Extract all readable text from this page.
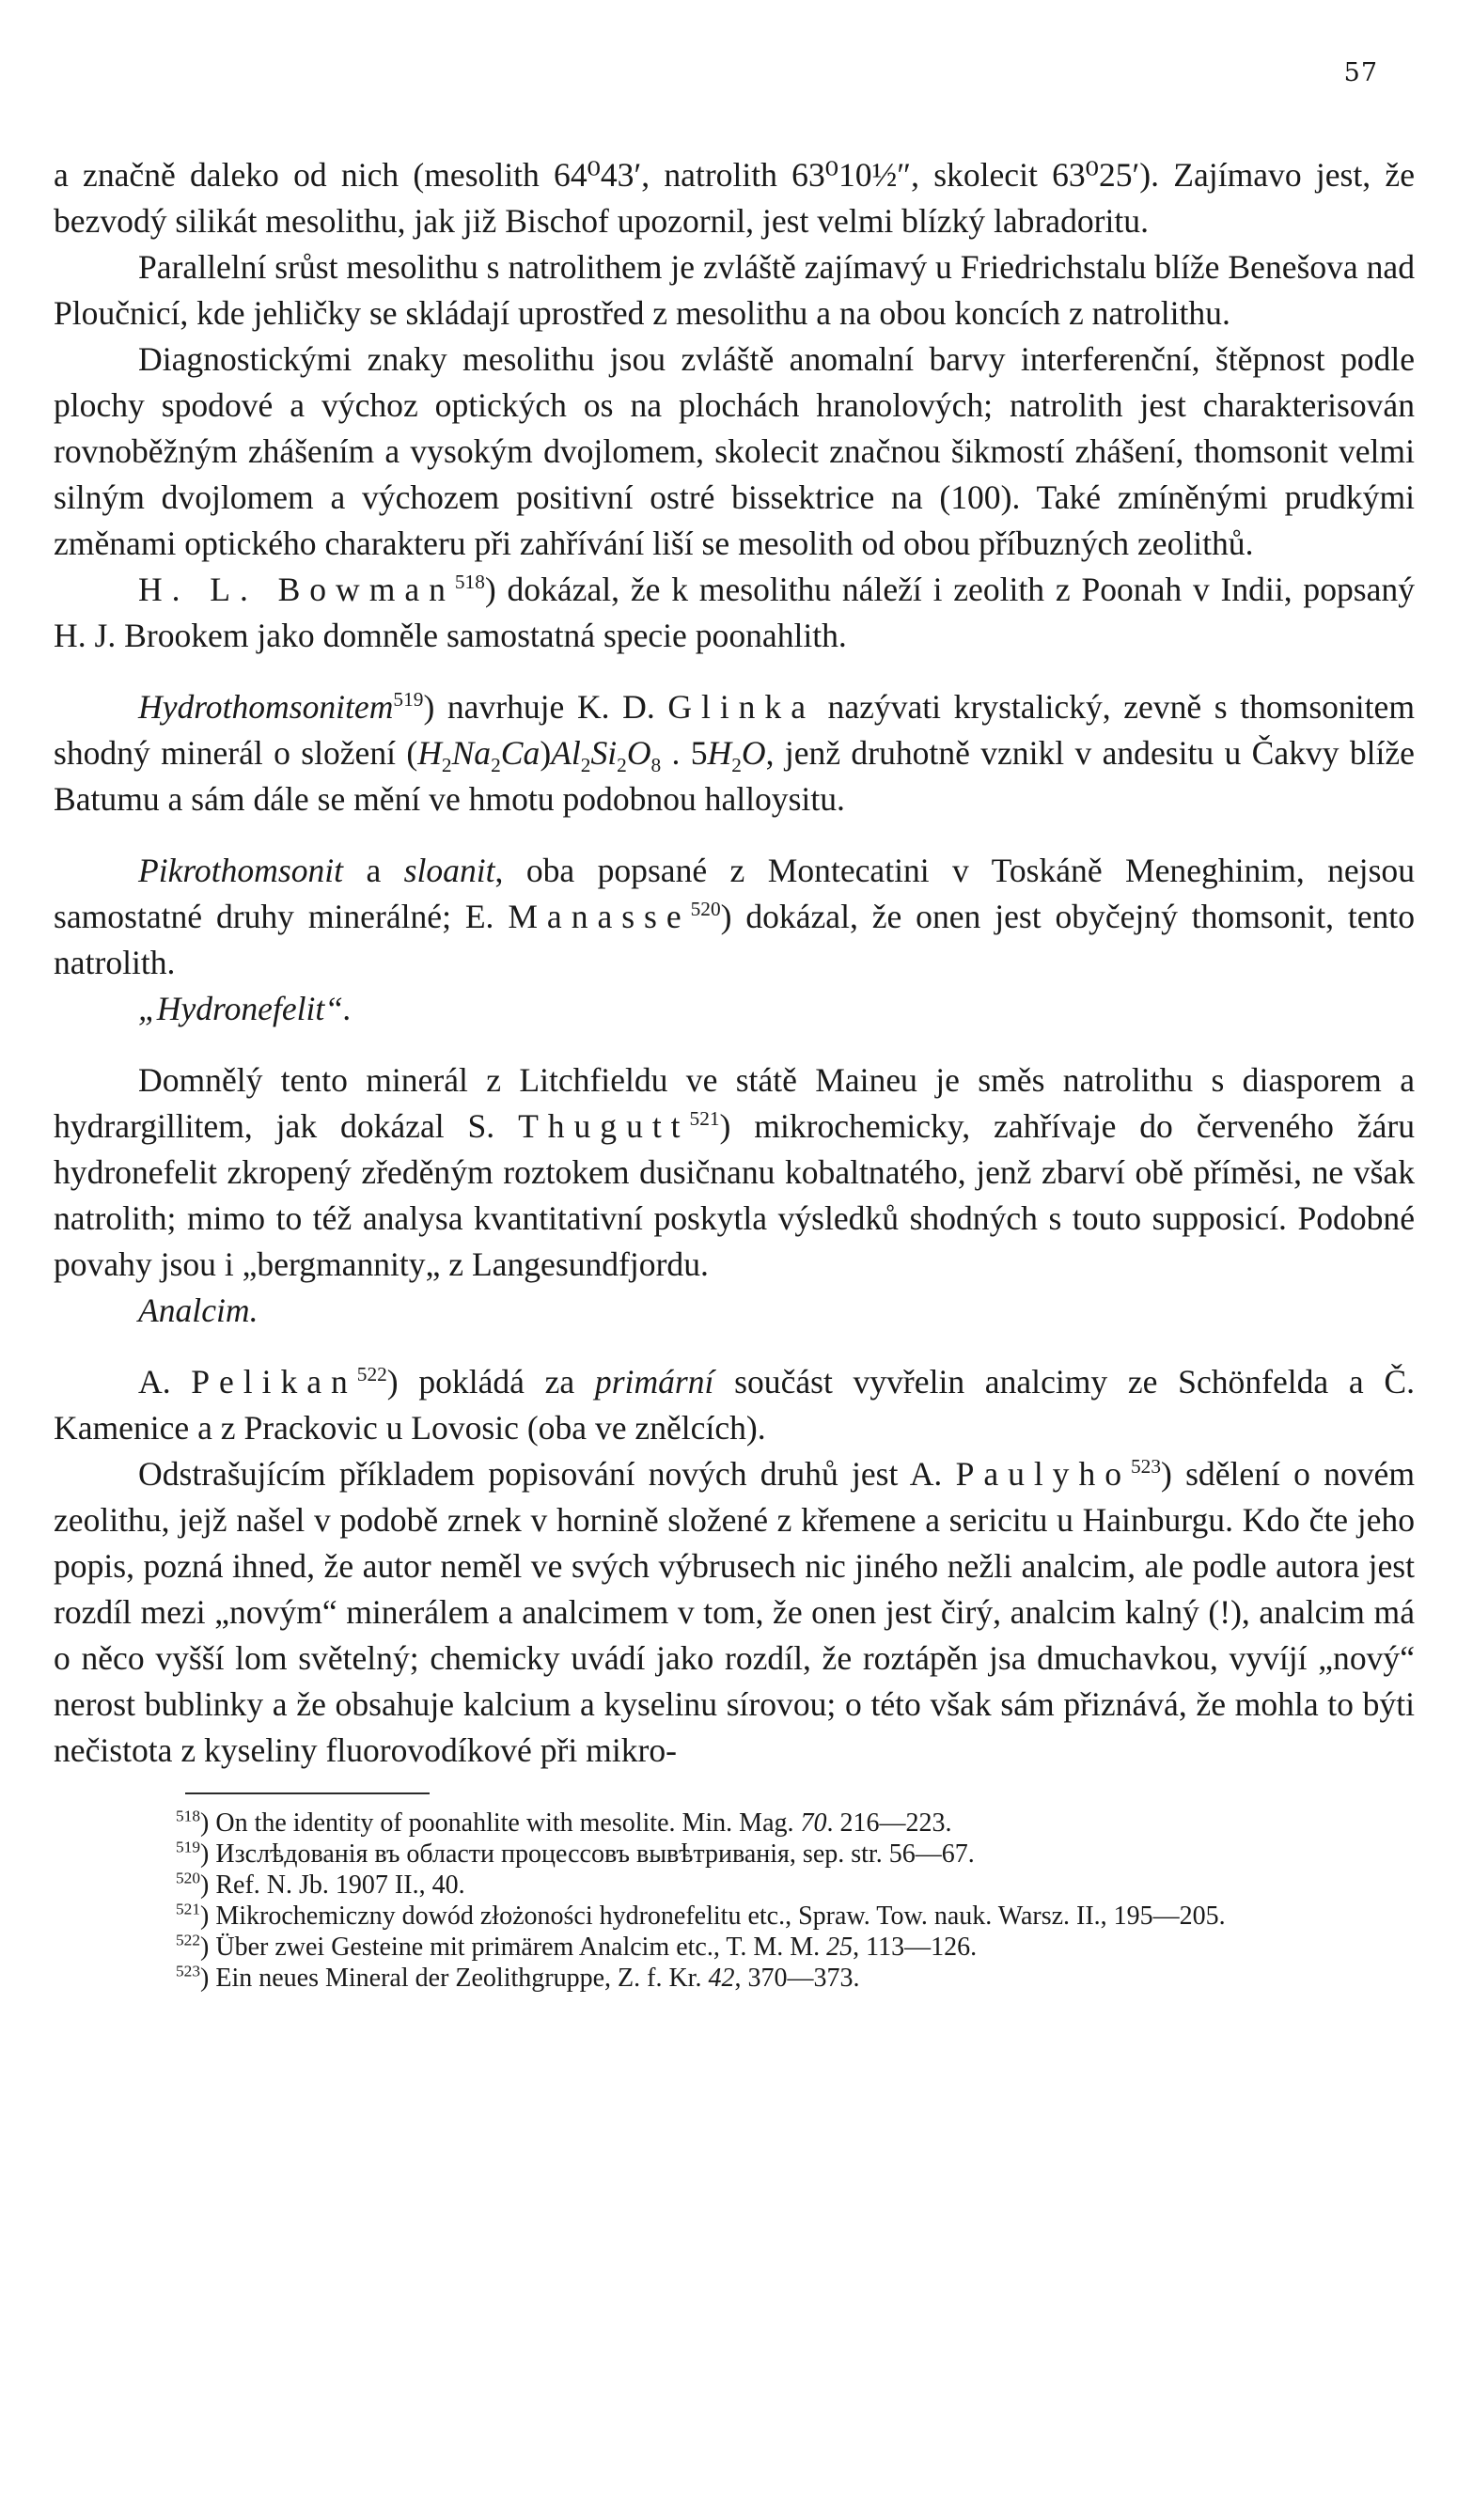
57

a značně daleko od nich (mesolith 64⁰43′, natrolith 63⁰10½″, skolecit 63⁰25′). Zajímavo jest, že bezvodý silikát mesolithu, jak již Bischof upozornil, jest velmi blízký labradoritu.

Parallelní srůst mesolithu s natrolithem je zvláště zajímavý u Friedrichstalu blíže Benešova nad Ploučnicí, kde jehličky se skládají uprostřed z mesolithu a na obou koncích z natrolithu.

Diagnostickými znaky mesolithu jsou zvláště anomalní barvy interferenční, štěpnost podle plochy spodové a výchoz optických os na plochách hranolových; natrolith jest charakterisován rovnoběžným zhášením a vysokým dvojlomem, skolecit značnou šikmostí zhášení, thomsonit velmi silným dvojlomem a výchozem positivní ostré bissektrice na (100). Také zmíněnými prudkými změnami optického charakteru při zahřívání liší se mesolith od obou příbuzných zeolithů.

H. L. Bowman$^{518}$) dokázal, že k mesolithu náleží i zeolith z Poonah v Indii, popsaný H. J. Brookem jako domněle samostatná specie poonahlith.

Hydrothomsonitem$^{519}$) navrhuje K. D. Glinka nazývati krystalický, zevně s thomsonitem shodný minerál o složení $(H_2Na_2Ca)Al_2Si_2O_8$ . $5H_2O$, jenž druhotně vznikl v andesitu u Čakvy blíže Batumu a sám dále se mění ve hmotu podobnou halloysitu.

Pikrothomsonit a sloanit, oba popsané z Montecatini v Toskáně Meneghinim, nejsou samostatné druhy minerálné; E. Manasse$^{520}$) dokázal, že onen jest obyčejný thomsonit, tento natrolith.

„Hydronefelit“.

Domnělý tento minerál z Litchfieldu ve státě Maineu je směs natrolithu s diasporem a hydrargillitem, jak dokázal S. Thugutt$^{521}$) mikrochemicky, zahřívaje do červeného žáru hydronefelit zkropený zředěným roztokem dusičnanu kobaltnatého, jenž zbarví obě příměsi, ne však natrolith; mimo to též analysa kvantitativní poskytla výsledků shodných s touto supposicí. Podobné povahy jsou i „bergmannity„ z Langesundfjordu.

Analcim.

A. Pelikan$^{522}$) pokládá za primární součást vyvřelin analcimy ze Schönfelda a Č. Kamenice a z Prackovic u Lovosic (oba ve znělcích).

Odstrašujícím příkladem popisování nových druhů jest A. Paulyho$^{523}$) sdělení o novém zeolithu, jejž našel v podobě zrnek v hornině složené z křemene a sericitu u Hainburgu. Kdo čte jeho popis, pozná ihned, že autor neměl ve svých výbrusech nic jiného nežli analcim, ale podle autora jest rozdíl mezi „novým“ minerálem a analcimem v tom, že onen jest čirý, analcim kalný (!), analcim má o něco vyšší lom světelný; chemicky uvádí jako rozdíl, že roztápěn jsa dmuchavkou, vyvíjí „nový“ nerost bublinky a že obsahuje kalcium a kyselinu sírovou; o této však sám přiznává, že mohla to býti nečistota z kyseliny fluorovodíkové při mikro-

$^{518}$) On the identity of poonahlite with mesolite. Min. Mag. 70. 216—223.

$^{519}$) Изслѣдованія въ области процессовъ вывѣтриванія, sep. str. 56—67.

$^{520}$) Ref. N. Jb. 1907 II., 40.

$^{521}$) Mikrochemiczny dowód złożoności hydronefelitu etc., Spraw. Tow. nauk. Warsz. II., 195—205.

$^{522}$) Über zwei Gesteine mit primärem Analcim etc., T. M. M. 25, 113—126.

$^{523}$) Ein neues Mineral der Zeolithgruppe, Z. f. Kr. 42, 370—373.
